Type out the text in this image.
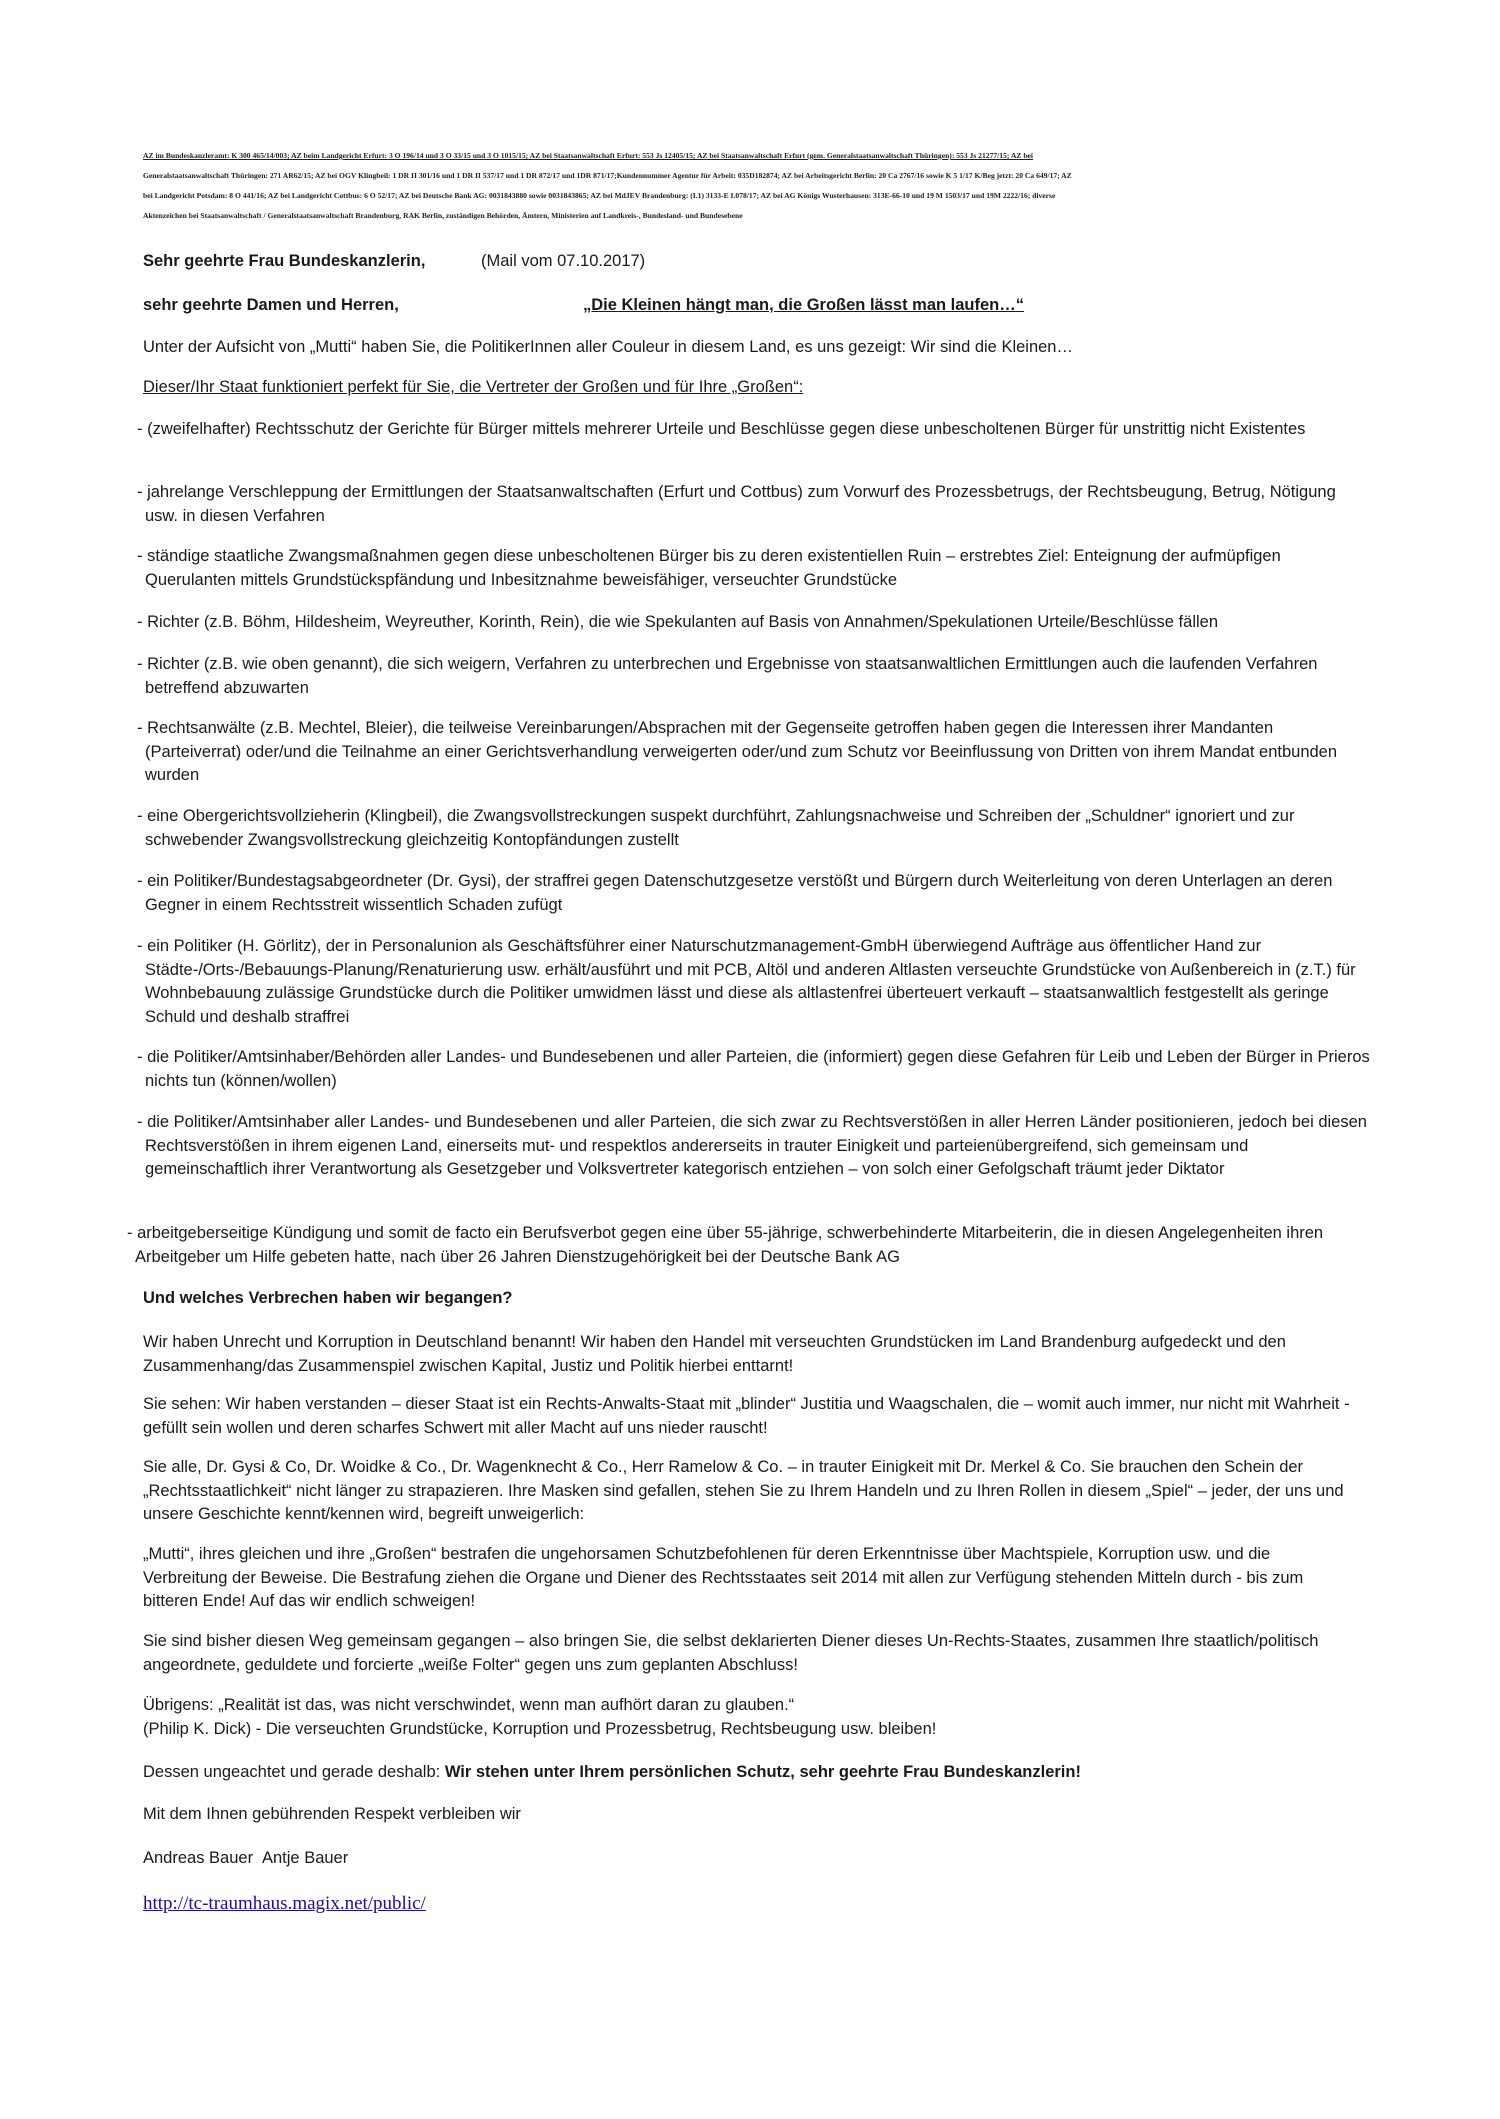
AZ im Bundeskanzleramt: K 300 465/14/003; AZ beim Landgericht Erfurt: 3 O 196/14 und 3 O 33/15 und 3 O 1015/15; AZ bei Staatsanwaltschaft Erfurt: 553 Js 12405/15; AZ bei Staatsanwaltschaft Erfurt (gem. Generalstaatsanwaltschaft Thüringen): 553 Js 21277/15; AZ bei
Generalstaatsanwaltschaft Thüringen: 271 AR62/15; AZ bei OGV Klingbeil: 1 DR II 301/16 und 1 DR II 537/17 und 1 DR 872/17 und 1DR 871/17;Kundennummer Agentur für Arbeit: 035D182874; AZ bei Arbeitsgericht Berlin: 20 Ca 2767/16 sowie K 5 1/17 K/Beg jetzt: 20 Ca 649/17; AZ
bei Landgericht Potsdam: 8 O 441/16; AZ bei Landgericht Cottbus: 6 O 52/17; AZ bei Deutsche Bank AG: 0031843880 sowie 0031843865; AZ bei MdJEV Brandenburg: (I.1) 3133-E I.078/17; AZ bei AG Königs Wusterhausen: 313E-66-10 und 19 M 1503/17 und 19M 2222/16; diverse
Aktenzeichen bei Staatsanwaltschaft / Generalstaatsanwaltschaft Brandenburg, RAK Berlin, zuständigen Behörden, Ämtern, Ministerien auf Landkreis-, Bundesland- und Bundesebene
Sehr geehrte Frau Bundeskanzlerin,	(Mail vom 07.10.2017)
sehr geehrte Damen und Herren,	„Die Kleinen hängt man, die Großen lässt man laufen…“
Unter der Aufsicht von „Mutti“ haben Sie, die PolitikerInnen aller Couleur in diesem Land, es uns gezeigt: Wir sind die Kleinen…
Dieser/Ihr Staat funktioniert perfekt für Sie, die Vertreter der Großen und für Ihre „Großen“:
- (zweifelhafter) Rechtsschutz der Gerichte für Bürger mittels mehrerer Urteile und Beschlüsse gegen diese unbescholtenen Bürger für unstrittig nicht Existentes
- jahrelange Verschleppung der Ermittlungen der Staatsanwaltschaften (Erfurt und Cottbus) zum Vorwurf des Prozessbetrugs, der Rechtsbeugung, Betrug, Nötigung usw. in diesen Verfahren
- ständige staatliche Zwangsmaßnahmen gegen diese unbescholtenen Bürger bis zu deren existentiellen Ruin – erstrebtes Ziel: Enteignung der aufmüpfigen Querulanten mittels Grundstückspfändung und Inbesitznahme beweisfähiger, verseuchter Grundstücke
- Richter (z.B. Böhm, Hildesheim, Weyreuther, Korinth, Rein), die wie Spekulanten auf Basis von Annahmen/Spekulationen Urteile/Beschlüsse fällen
- Richter (z.B. wie oben genannt), die sich weigern, Verfahren zu unterbrechen und Ergebnisse von staatsanwaltlichen Ermittlungen auch die laufenden Verfahren betreffend abzuwarten
- Rechtsanwälte (z.B. Mechtel, Bleier), die teilweise Vereinbarungen/Absprachen mit der Gegenseite getroffen haben gegen die Interessen ihrer Mandanten (Parteiverrat) oder/und die Teilnahme an einer Gerichtsverhandlung verweigerten oder/und zum Schutz vor Beeinflussung von Dritten von ihrem Mandat entbunden wurden
- eine Obergerichtsvollzieherin (Klingbeil), die Zwangsvollstreckungen suspekt durchführt, Zahlungsnachweise und Schreiben der „Schuldner“ ignoriert und zur schwebender Zwangsvollstreckung gleichzeitig Kontopfändungen zustellt
- ein Politiker/Bundestagsabgeordneter (Dr. Gysi), der straffrei gegen Datenschutzgesetze verstößt und Bürgern durch Weiterleitung von deren Unterlagen an deren Gegner in einem Rechtsstreit wissentlich Schaden zufügt
- ein Politiker (H. Görlitz), der in Personalunion als Geschäftsführer einer Naturschutzmanagement-GmbH überwiegend Aufträge aus öffentlicher Hand zur Städte-/Orts-/Bebauungs-Planung/Renaturierung usw. erhält/ausführt und mit PCB, Altöl und anderen Altlasten verseuchte Grundstücke von Außenbereich in (z.T.) für Wohnbebauung zulässige Grundstücke durch die Politiker umwidmen lässt und diese als altlastenfrei überteuert verkauft – staatsanwaltlich festgestellt als geringe Schuld und deshalb straffrei
- die Politiker/Amtsinhaber/Behörden aller Landes- und Bundesebenen und aller Parteien, die (informiert) gegen diese Gefahren für Leib und Leben der Bürger in Prieros nichts tun (können/wollen)
- die Politiker/Amtsinhaber aller Landes- und Bundesebenen und aller Parteien, die sich zwar zu Rechtsverstößen in aller Herren Länder positionieren, jedoch bei diesen Rechtsverstößen in ihrem eigenen Land, einerseits mut- und respektlos andererseits in trauter Einigkeit und parteienübergreifend, sich gemeinsam und gemeinschaftlich ihrer Verantwortung als Gesetzgeber und Volksvertreter kategorisch entziehen – von solch einer Gefolgschaft träumt jeder Diktator
- arbeitgeberseitige Kündigung und somit de facto ein Berufsverbot gegen eine über 55-jährige, schwerbehinderte Mitarbeiterin, die in diesen Angelegenheiten ihren Arbeitgeber um Hilfe gebeten hatte, nach über 26 Jahren Dienstzugehörigkeit bei der Deutsche Bank AG
Und welches Verbrechen haben wir begangen?
Wir haben Unrecht und Korruption in Deutschland benannt! Wir haben den Handel mit verseuchten Grundstücken im Land Brandenburg aufgedeckt und den Zusammenhang/das Zusammenspiel zwischen Kapital, Justiz und Politik hierbei enttarnt!
Sie sehen: Wir haben verstanden – dieser Staat ist ein Rechts-Anwalts-Staat mit „blinder“ Justitia und Waagschalen, die – womit auch immer, nur nicht mit Wahrheit - gefüllt sein wollen und deren scharfes Schwert mit aller Macht auf uns nieder rauscht!
Sie alle, Dr. Gysi & Co, Dr. Woidke & Co., Dr. Wagenknecht & Co., Herr Ramelow & Co. – in trauter Einigkeit mit Dr. Merkel & Co. Sie brauchen den Schein der „Rechtsstaatlichkeit“ nicht länger zu strapazieren. Ihre Masken sind gefallen, stehen Sie zu Ihrem Handeln und zu Ihren Rollen in diesem „Spiel“ – jeder, der uns und unsere Geschichte kennt/kennen wird, begreift unweigerlich:
„Mutti“, ihres gleichen und ihre „Großen“ bestrafen die ungehorsamen Schutzbefohlenen für deren Erkenntnisse über Machtspiele, Korruption usw. und die Verbreitung der Beweise. Die Bestrafung ziehen die Organe und Diener des Rechtsstaates seit 2014 mit allen zur Verfügung stehenden Mitteln durch - bis zum bitteren Ende! Auf das wir endlich schweigen!
Sie sind bisher diesen Weg gemeinsam gegangen – also bringen Sie, die selbst deklarierten Diener dieses Un-Rechts-Staates, zusammen Ihre staatlich/politisch angeordnete, geduldete und forcierte „weiße Folter“ gegen uns zum geplanten Abschluss!
Übrigens: „Realität ist das, was nicht verschwindet, wenn man aufhört daran zu glauben.“
(Philip K. Dick) - Die verseuchten Grundstücke, Korruption und Prozessbetrug, Rechtsbeugung usw. bleiben!
Dessen ungeachtet und gerade deshalb: Wir stehen unter Ihrem persönlichen Schutz, sehr geehrte Frau Bundeskanzlerin!
Mit dem Ihnen gebührenden Respekt verbleiben wir
Andreas Bauer Antje Bauer
http://tc-traumhaus.magix.net/public/
